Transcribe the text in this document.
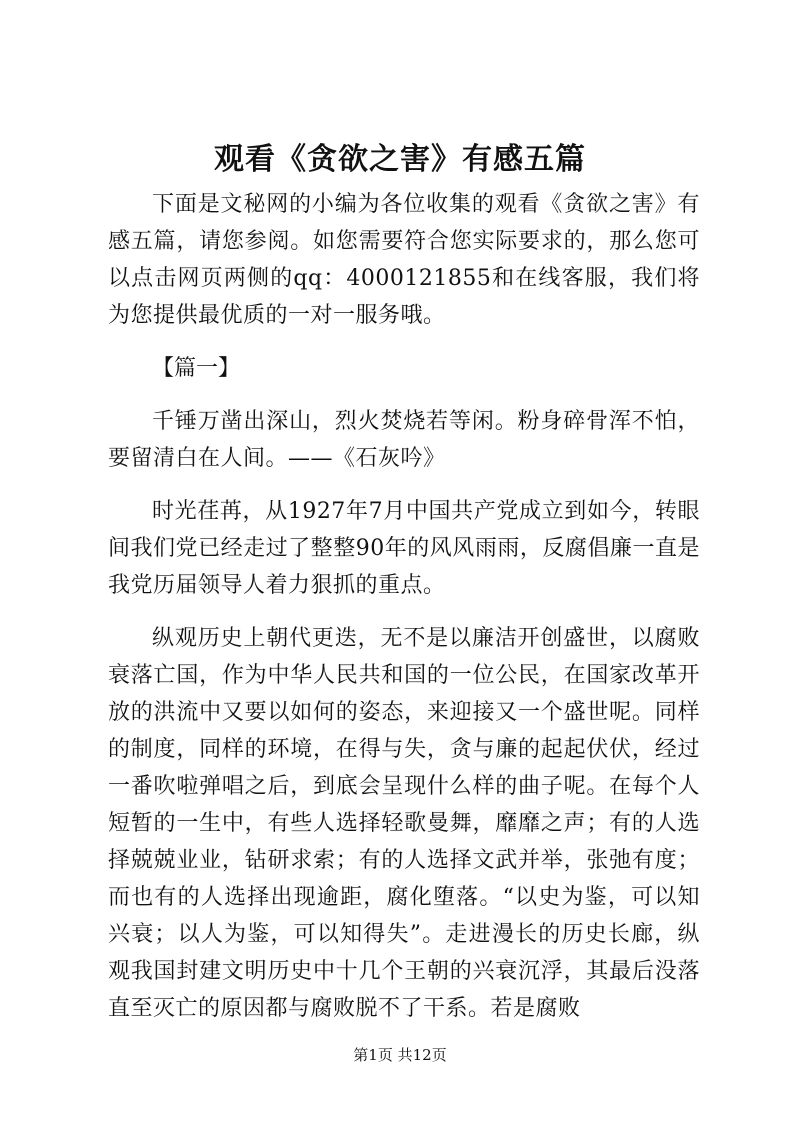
观看《贪欲之害》有感五篇

下面是文秘网的小编为各位收集的观看《贪欲之害》有感五篇，请您参阅。如您需要符合您实际要求的，那么您可以点击网页两侧的qq：4000121855和在线客服，我们将为您提供最优质的一对一服务哦。

【篇一】

千锤万凿出深山，烈火焚烧若等闲。粉身碎骨浑不怕，要留清白在人间。——《石灰吟》

时光荏苒，从1927年7月中国共产党成立到如今，转眼间我们党已经走过了整整90年的风风雨雨，反腐倡廉一直是我党历届领导人着力狠抓的重点。

纵观历史上朝代更迭，无不是以廉洁开创盛世，以腐败衰落亡国，作为中华人民共和国的一位公民，在国家改革开放的洪流中又要以如何的姿态，来迎接又一个盛世呢。同样的制度，同样的环境，在得与失，贪与廉的起起伏伏，经过一番吹啦弹唱之后，到底会呈现什么样的曲子呢。在每个人短暂的一生中，有些人选择轻歌曼舞，靡靡之声；有的人选择兢兢业业，钻研求索；有的人选择文武并举，张弛有度；而也有的人选择出现逾距，腐化堕落。“以史为鉴，可以知兴衰；以人为鉴，可以知得失”。走进漫长的历史长廊，纵观我国封建文明历史中十几个王朝的兴衰沉浮，其最后没落直至灭亡的原因都与腐败脱不了干系。若是腐败

第1页 共12页
